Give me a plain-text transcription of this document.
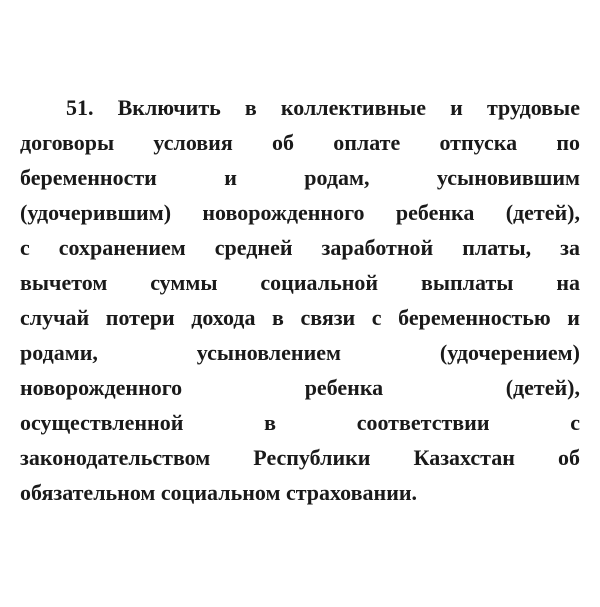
51. Включить в коллективные и трудовые
договоры условия об оплате отпуска по
беременности и родам, усыновившим
(удочерившим) новорожденного ребенка (детей),
с сохранением средней заработной платы, за
вычетом суммы социальной выплаты на
случай потери дохода в связи с беременностью и
родами, усыновлением (удочерением)
новорожденного ребенка (детей),
осуществленной в соответствии с
законодательством Республики Казахстан об
обязательном социальном страховании.
